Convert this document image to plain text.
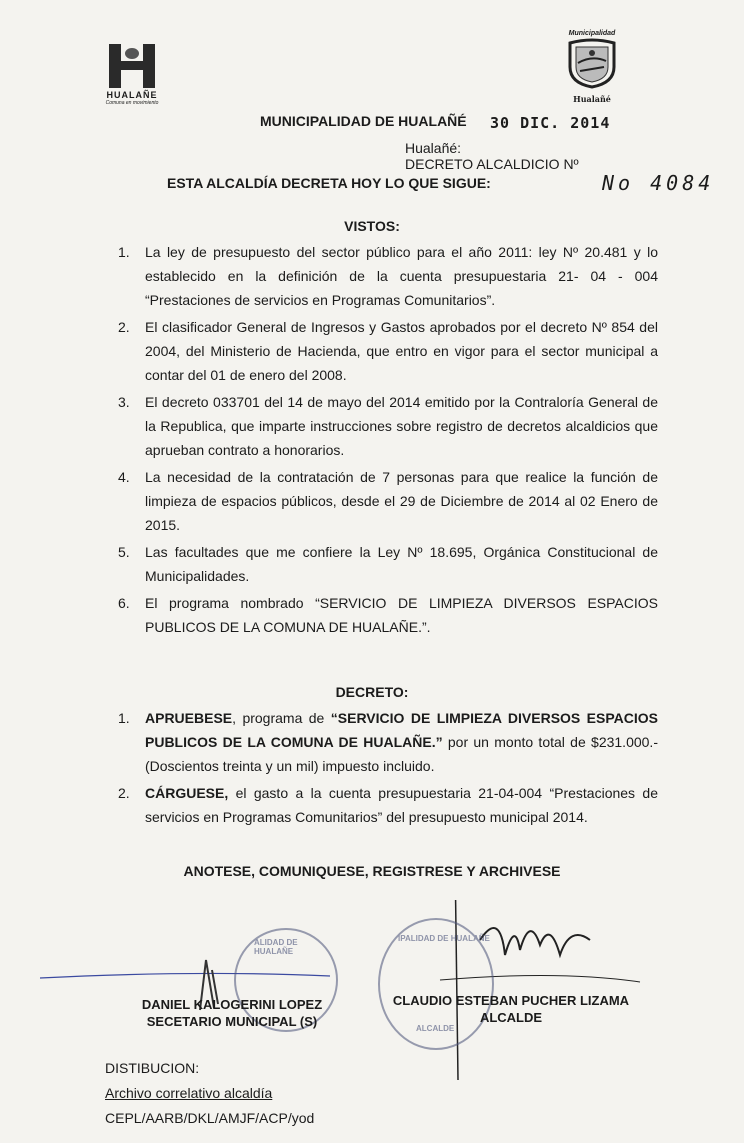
HUALAÑE
Comuna en movimiento
Municipalidad
Hualañé
MUNICIPALIDAD DE HUALAÑÉ 30 DIC. 2014
Hualañé:
DECRETO ALCALDICIO Nº
ESTA ALCALDÍA DECRETA HOY LO QUE SIGUE:	No 4084
VISTOS:
1. La ley de presupuesto del sector público para el año 2011: ley Nº 20.481 y lo establecido en la definición de la cuenta presupuestaria 21- 04 - 004 “Prestaciones de servicios en Programas Comunitarios”.
2. El clasificador General de Ingresos y Gastos aprobados por el decreto Nº 854 del 2004, del Ministerio de Hacienda, que entro en vigor para el sector municipal a contar del 01 de enero del 2008.
3. El decreto 033701 del 14 de mayo del 2014 emitido por la Contraloría General de la Republica, que imparte instrucciones sobre registro de decretos alcaldicios que aprueban contrato a honorarios.
4. La necesidad de la contratación de 7 personas para que realice la función de limpieza de espacios públicos, desde el 29 de Diciembre de 2014 al 02 Enero de 2015.
5. Las facultades que me confiere la Ley Nº 18.695, Orgánica Constitucional de Municipalidades.
6. El programa nombrado “SERVICIO DE LIMPIEZA DIVERSOS ESPACIOS PUBLICOS DE LA COMUNA DE HUALAÑE.”.
DECRETO:
1. APRUEBESE, programa de “SERVICIO DE LIMPIEZA DIVERSOS ESPACIOS PUBLICOS DE LA COMUNA DE HUALAÑE.” por un monto total de $231.000.- (Doscientos treinta y un mil) impuesto incluido.
2. CÁRGUESE, el gasto a la cuenta presupuestaria 21-04-004 “Prestaciones de servicios en Programas Comunitarios” del presupuesto municipal 2014.
ANOTESE, COMUNIQUESE, REGISTRESE Y ARCHIVESE
ALIDAD DE HUALAÑE
IPALIDAD DE HUALAÑE
ALCALDE
DANIEL KALOGERINI LOPEZ
SECETARIO MUNICIPAL (S)
CLAUDIO ESTEBAN PUCHER LIZAMA
ALCALDE
DISTIBUCION:
Archivo correlativo alcaldía
CEPL/AARB/DKL/AMJF/ACP/yod
